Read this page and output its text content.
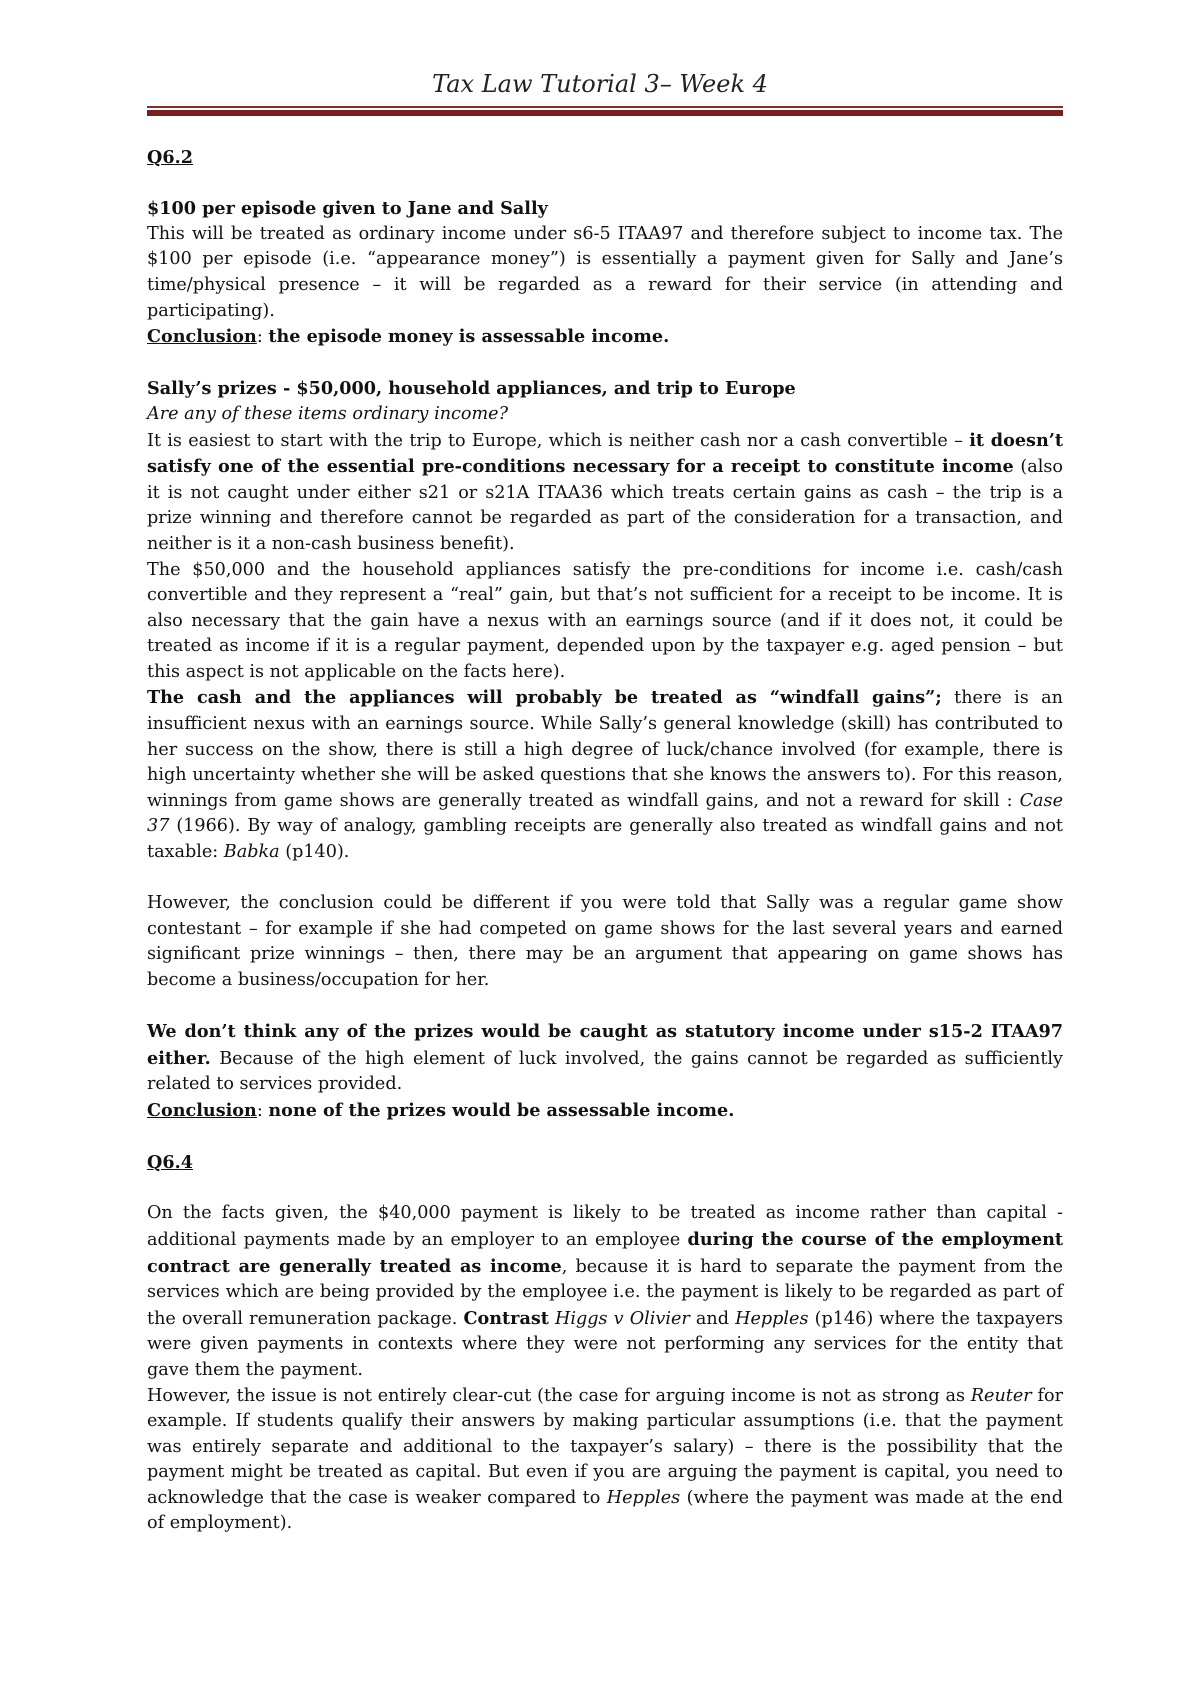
Tax Law Tutorial 3– Week 4

Q6.2

$100 per episode given to Jane and Sally

This will be treated as ordinary income under s6-5 ITAA97 and therefore subject to income tax. The $100 per episode (i.e. “appearance money”) is essentially a payment given for Sally and Jane’s time/physical presence – it will be regarded as a reward for their service (in attending and participating).

Conclusion: the episode money is assessable income.

Sally’s prizes - $50,000, household appliances, and trip to Europe

Are any of these items ordinary income?

It is easiest to start with the trip to Europe, which is neither cash nor a cash convertible – it doesn’t satisfy one of the essential pre-conditions necessary for a receipt to constitute income (also it is not caught under either s21 or s21A ITAA36 which treats certain gains as cash – the trip is a prize winning and therefore cannot be regarded as part of the consideration for a transaction, and neither is it a non-cash business benefit).

The $50,000 and the household appliances satisfy the pre-conditions for income i.e. cash/cash convertible and they represent a “real” gain, but that’s not sufficient for a receipt to be income. It is also necessary that the gain have a nexus with an earnings source (and if it does not, it could be treated as income if it is a regular payment, depended upon by the taxpayer e.g. aged pension – but this aspect is not applicable on the facts here).

The cash and the appliances will probably be treated as “windfall gains”; there is an insufficient nexus with an earnings source. While Sally’s general knowledge (skill) has contributed to her success on the show, there is still a high degree of luck/chance involved (for example, there is high uncertainty whether she will be asked questions that she knows the answers to). For this reason, winnings from game shows are generally treated as windfall gains, and not a reward for skill : Case 37 (1966). By way of analogy, gambling receipts are generally also treated as windfall gains and not taxable: Babka (p140).

However, the conclusion could be different if you were told that Sally was a regular game show contestant – for example if she had competed on game shows for the last several years and earned significant prize winnings – then, there may be an argument that appearing on game shows has become a business/occupation for her.

We don’t think any of the prizes would be caught as statutory income under s15-2 ITAA97 either. Because of the high element of luck involved, the gains cannot be regarded as sufficiently related to services provided.

Conclusion: none of the prizes would be assessable income.

Q6.4

On the facts given, the $40,000 payment is likely to be treated as income rather than capital - additional payments made by an employer to an employee during the course of the employment contract are generally treated as income, because it is hard to separate the payment from the services which are being provided by the employee i.e. the payment is likely to be regarded as part of the overall remuneration package. Contrast Higgs v Olivier and Hepples (p146) where the taxpayers were given payments in contexts where they were not performing any services for the entity that gave them the payment.

However, the issue is not entirely clear-cut (the case for arguing income is not as strong as Reuter for example. If students qualify their answers by making particular assumptions (i.e. that the payment was entirely separate and additional to the taxpayer’s salary) – there is the possibility that the payment might be treated as capital. But even if you are arguing the payment is capital, you need to acknowledge that the case is weaker compared to Hepples (where the payment was made at the end of employment).
